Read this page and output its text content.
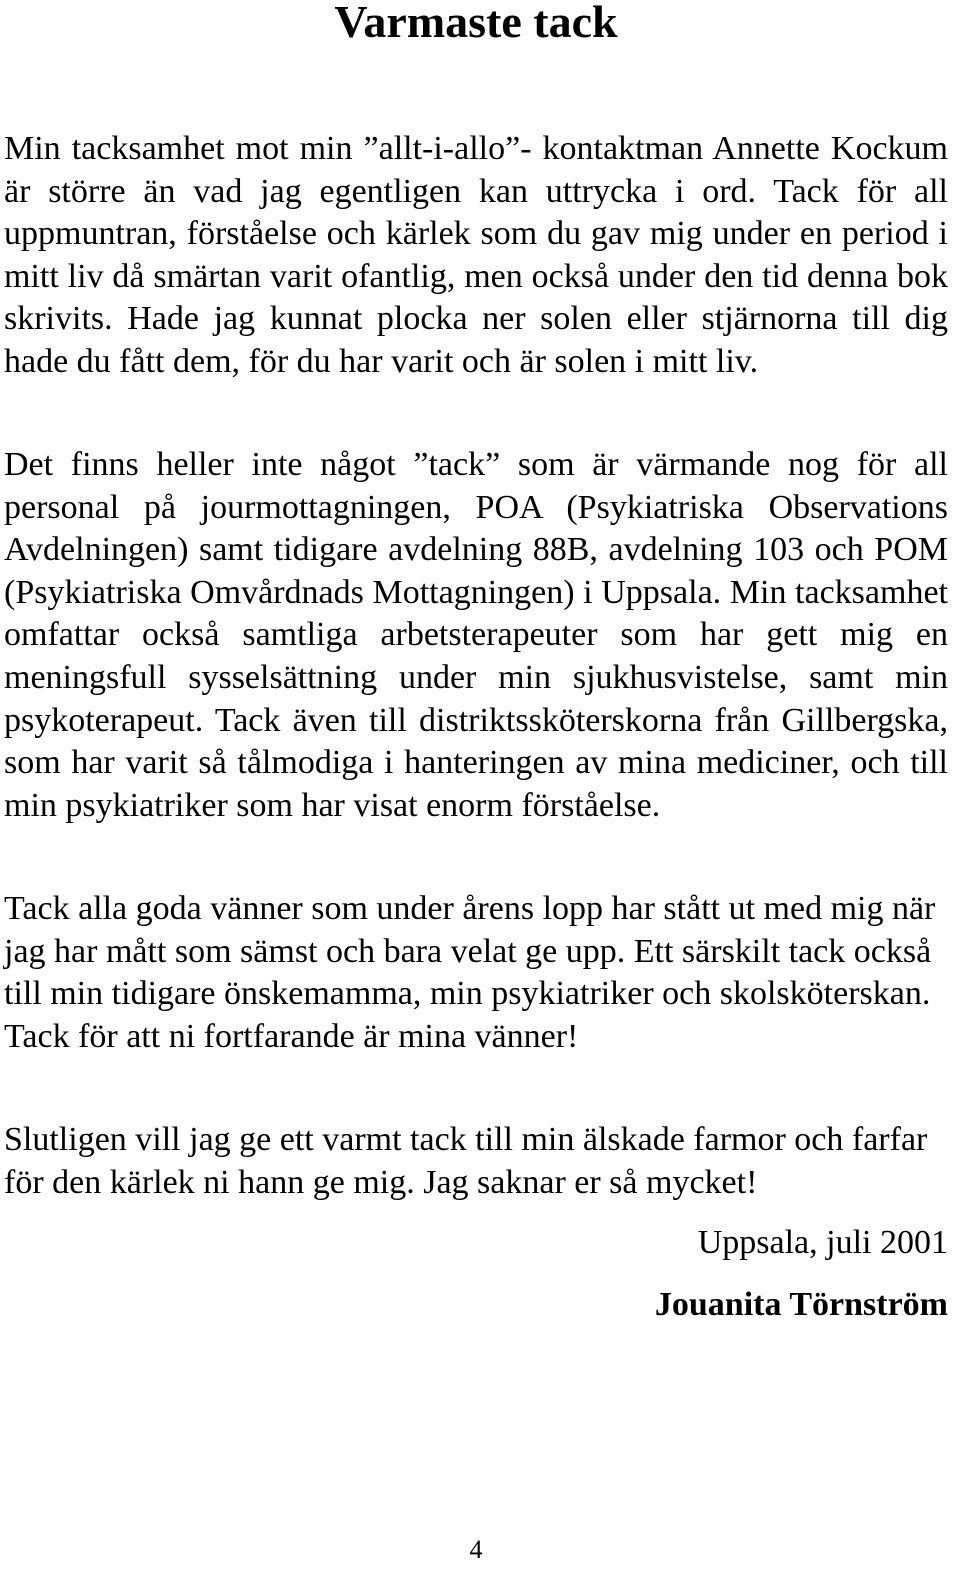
Varmaste tack

Min tacksamhet mot min ”allt-i-allo”- kontaktman Annette Kockum är större än vad jag egentligen kan uttrycka i ord. Tack för all uppmuntran, förståelse och kärlek som du gav mig under en period i mitt liv då smärtan varit ofantlig, men också under den tid denna bok skrivits. Hade jag kunnat plocka ner solen eller stjärnorna till dig hade du fått dem, för du har varit och är solen i mitt liv.

Det finns heller inte något ”tack” som är värmande nog för all personal på jourmottagningen, POA (Psykiatriska Observations Avdelningen) samt tidigare avdelning 88B, avdelning 103 och POM (Psykiatriska Omvårdnads Mottagningen) i Uppsala. Min tacksamhet omfattar också samtliga arbetsterapeuter som har gett mig en meningsfull sysselsättning under min sjukhusvistelse, samt min psykoterapeut. Tack även till distriktssköterskorna från Gillbergska, som har varit så tålmodiga i hanteringen av mina mediciner, och till min psykiatriker som har visat enorm förståelse.

Tack alla goda vänner som under årens lopp har stått ut med mig när jag har mått som sämst och bara velat ge upp. Ett särskilt tack också till min tidigare önskemamma, min psykiatriker och skolsköterskan. Tack för att ni fortfarande är mina vänner!

Slutligen vill jag ge ett varmt tack till min älskade farmor och farfar för den kärlek ni hann ge mig. Jag saknar er så mycket!

Uppsala, juli 2001

Jouanita Törnström

4
